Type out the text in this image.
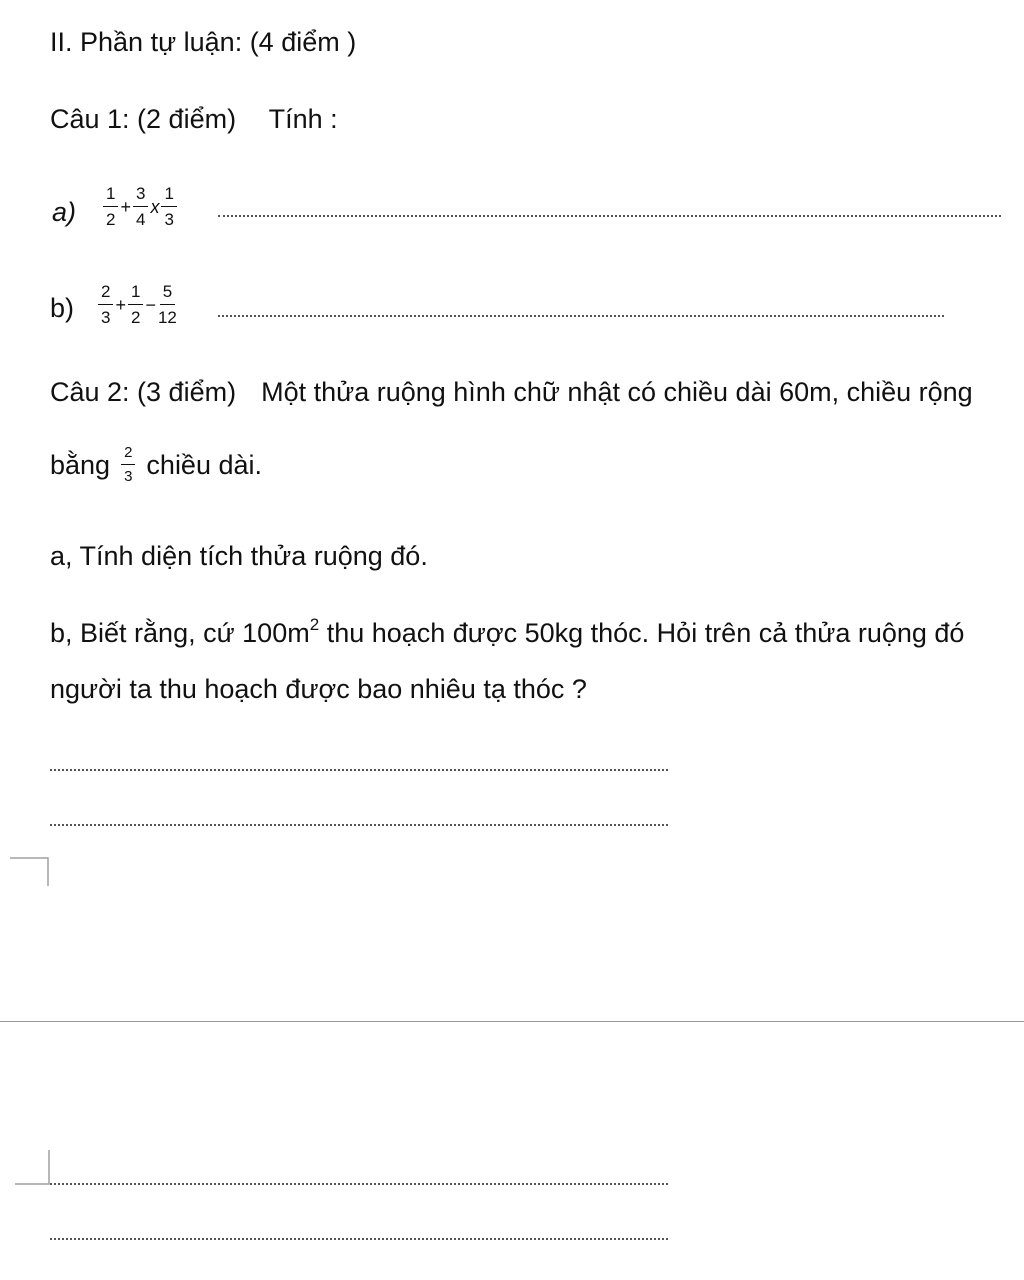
II. Phần tự luận: (4 điểm )
Câu 1: (2 điểm) Tính :
$a) \frac{1}{2} + \frac{3}{4}$ x $\frac{1}{3}$
$b) \frac{2}{3} + \frac{1}{2} - \frac{5}{12}$
Câu 2: (3 điểm) Một thửa ruộng hình chữ nhật có chiều dài 60m, chiều rộng
bằng $\frac{2}{3}$ chiều dài.
a, Tính diện tích thửa ruộng đó.
b, Biết rằng, cứ $100m^2$ thu hoạch được 50kg thóc. Hỏi trên cả thửa ruộng đó
người ta thu hoạch được bao nhiêu tạ thóc ?
